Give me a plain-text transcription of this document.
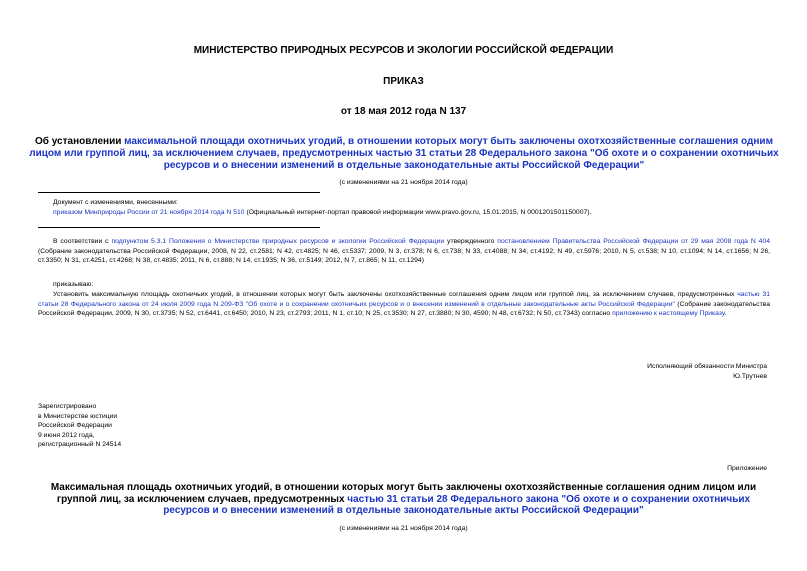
МИНИСТЕРСТВО ПРИРОДНЫХ РЕСУРСОВ И ЭКОЛОГИИ РОССИЙСКОЙ ФЕДЕРАЦИИ
ПРИКАЗ
от 18 мая 2012 года N 137
Об установлении максимальной площади охотничьих угодий, в отношении которых могут быть заключены охотхозяйственные соглашения одним лицом или группой лиц, за исключением случаев, предусмотренных частью 31 статьи 28 Федерального закона "Об охоте и о сохранении охотничьих ресурсов и о внесении изменений в отдельные законодательные акты Российской Федерации"
(с изменениями на 21 ноября 2014 года)
Документ с изменениями, внесенными:
приказом Минприроды России от 21 ноября 2014 года N 510 (Официальный интернет-портал правовой информации www.pravo.gov.ru, 15.01.2015, N 0001201501150007).
В соответствии с подпунктом 5.3.1 Положения о Министерстве природных ресурсов и экологии Российской Федерации утвержденного постановлением Правительства Российской Федерации от 29 мая 2008 года N 404 (Собрание законодательства Российской Федерации, 2008, N 22, ст.2581; N 42, ст.4825; N 46, ст.5337; 2009, N 3, ст.378; N 6, ст.738; N 33, ст.4088; N 34, ст.4192; N 49, ст.5976; 2010, N 5, ст.538; N 10, ст.1094; N 14, ст.1656; N 26, ст.3350; N 31, ст.4251, ст.4268; N 38, ст.4835; 2011, N 6, ст.888; N 14, ст.1935; N 36, ст.5149; 2012, N 7, ст.865; N 11, ст.1294)
приказываю:
Установить максимальную площадь охотничьих угодий, в отношении которых могут быть заключены охотхозяйственные соглашения одним лицом или группой лиц, за исключением случаев, предусмотренных частью 31 статьи 28 Федерального закона от 24 июля 2009 года N 209-ФЗ "Об охоте и о сохранении охотничьих ресурсов и о внесении изменений в отдельные законодательные акты Российской Федерации" (Собрание законодательства Российской Федерации, 2009, N 30, ст.3735; N 52, ст.6441, ст.6450; 2010, N 23, ст.2793; 2011, N 1, ст.10; N 25, ст.3530; N 27, ст.3880; N 30, 4590; N 48, ст.6732; N 50, ст.7343) согласно приложению к настоящему Приказу.
Исполняющий обязанности Министра
Ю.Трутнев
Зарегистрировано
в Министерстве юстиции
Российской Федерации
9 июня 2012 года,
регистрационный N 24514
Приложение
Максимальная площадь охотничьих угодий, в отношении которых могут быть заключены охотхозяйственные соглашения одним лицом или группой лиц, за исключением случаев, предусмотренных частью 31 статьи 28 Федерального закона "Об охоте и о сохранении охотничьих ресурсов и о внесении изменений в отдельные законодательные акты Российской Федерации"
(с изменениями на 21 ноября 2014 года)
